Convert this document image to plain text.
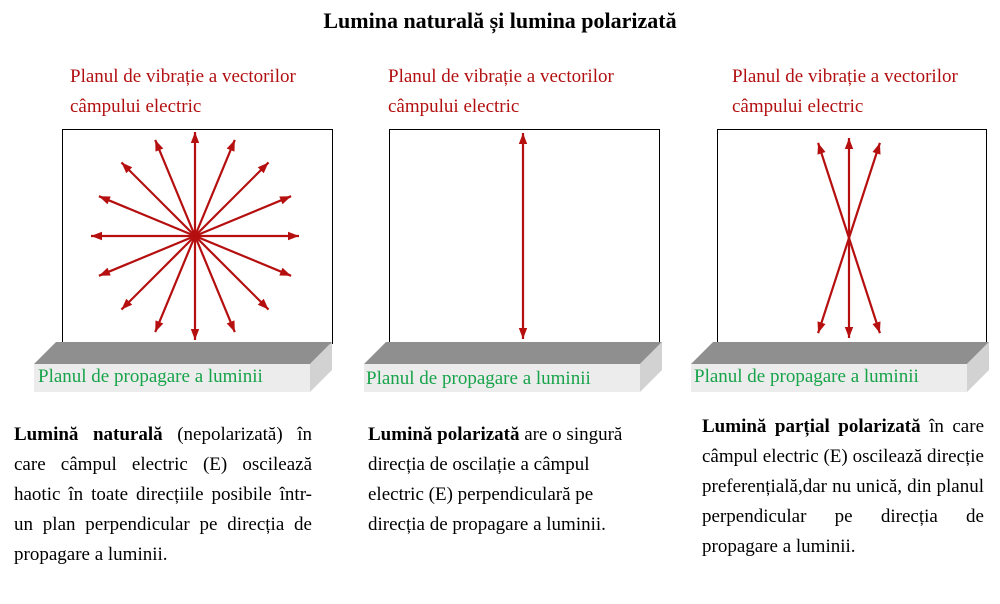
Lumina naturală și lumina polarizată
Planul de vibrație a vectorilor
câmpului electric
Planul de propagare a luminii
Lumină naturală (nepolarizată) în care câmpul electric (E) oscilează haotic în toate direcțiile posibile într-un plan perpendicular pe direcția de propagare a luminii.
Planul de vibrație a vectorilor
câmpului electric
Planul de propagare a luminii
Lumină polarizată are o singură direcția de oscilație a câmpul electric (E) perpendiculară pe direcția de propagare a luminii.
Planul de vibrație a vectorilor
câmpului electric
Planul de propagare a luminii
Lumină parțial polarizată în care câmpul electric (E) oscilează direcție preferențială,dar nu unică, din planul perpendicular pe direcția de propagare a luminii.
